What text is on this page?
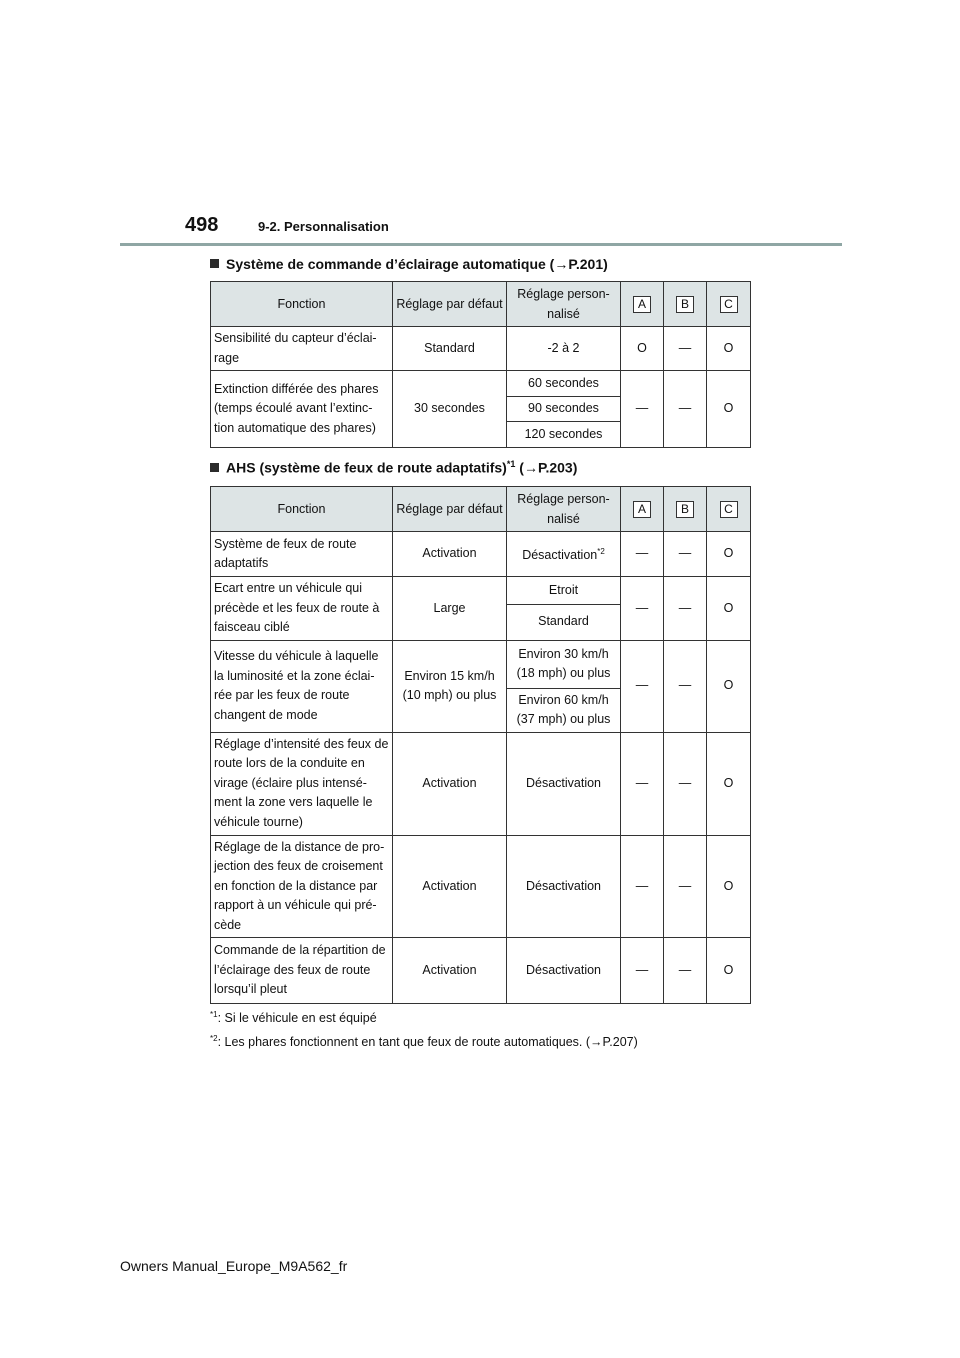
498	9-2. Personnalisation
Système de commande d’éclairage automatique (→P.201)
Fonction	Réglage par défaut	Réglage person-nalisé	A	B	C
Sensibilité du capteur d’éclai-rage	Standard	-2 à 2	O	—	O
Extinction différée des phares (temps écoulé avant l’extinc-tion automatique des phares)	30 secondes	60 secondes	—	—	O
		90 secondes			
		120 secondes			
AHS (système de feux de route adaptatifs)$^{*1}$ (→P.203)
Fonction	Réglage par défaut	Réglage person-nalisé	A	B	C
Système de feux de route adaptatifs	Activation	Désactivation$^{*2}$	—	—	O
Ecart entre un véhicule qui précède et les feux de route à faisceau ciblé	Large	Etroit	—	—	O
		Standard			
Vitesse du véhicule à laquelle la luminosité et la zone éclai-rée par les feux de route changent de mode	Environ 15 km/h (10 mph) ou plus	Environ 30 km/h (18 mph) ou plus	—	—	O
		Environ 60 km/h (37 mph) ou plus			
Réglage d’intensité des feux de route lors de la conduite en virage (éclaire plus intensé-ment la zone vers laquelle le véhicule tourne)	Activation	Désactivation	—	—	O
Réglage de la distance de pro-jection des feux de croisement en fonction de la distance par rapport à un véhicule qui pré-cède	Activation	Désactivation	—	—	O
Commande de la répartition de l’éclairage des feux de route lorsqu’il pleut	Activation	Désactivation	—	—	O
$^{*1}$: Si le véhicule en est équipé
$^{*2}$: Les phares fonctionnent en tant que feux de route automatiques. (→P.207)
Owners Manual_Europe_M9A562_fr
